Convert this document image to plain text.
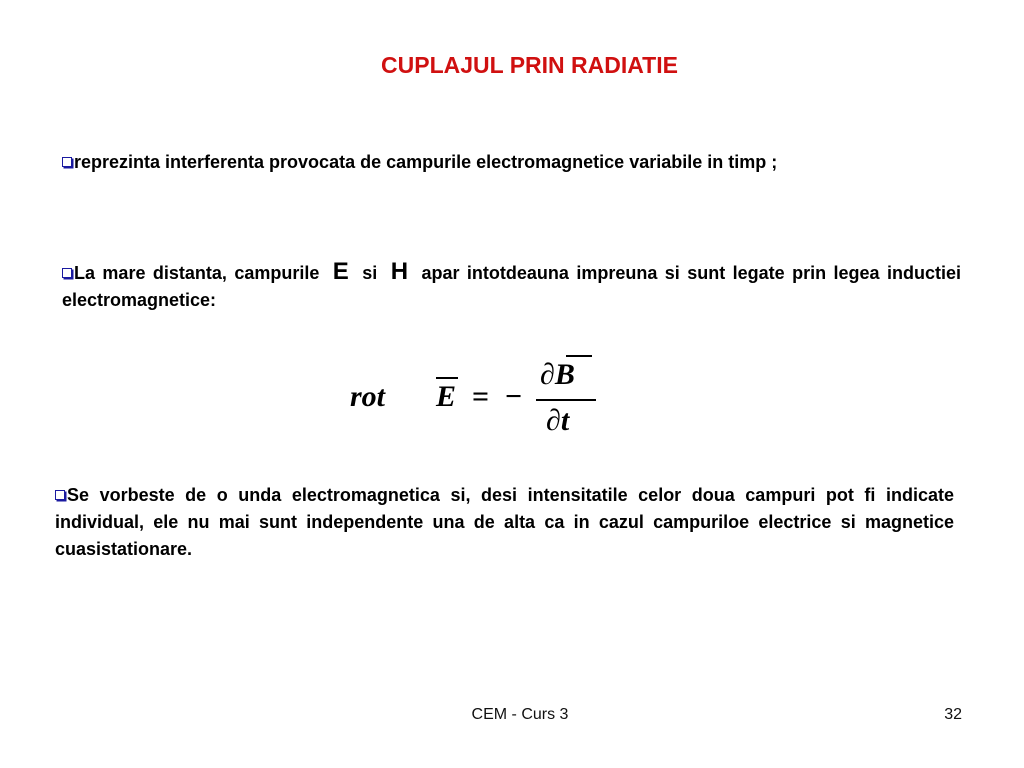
CUPLAJUL PRIN RADIATIE
reprezinta interferenta provocata de campurile electromagnetice variabile in timp ;
La mare distanta, campurile E si H apar intotdeauna impreuna si sunt legate prin legea inductiei electromagnetice:
rot E = −
∂B
∂t
Se vorbeste de o unda electromagnetica si, desi intensitatile celor doua campuri pot fi indicate individual, ele nu mai sunt independente una de alta ca in cazul campuriloe electrice si magnetice cuasistationare.
CEM - Curs 3	32
